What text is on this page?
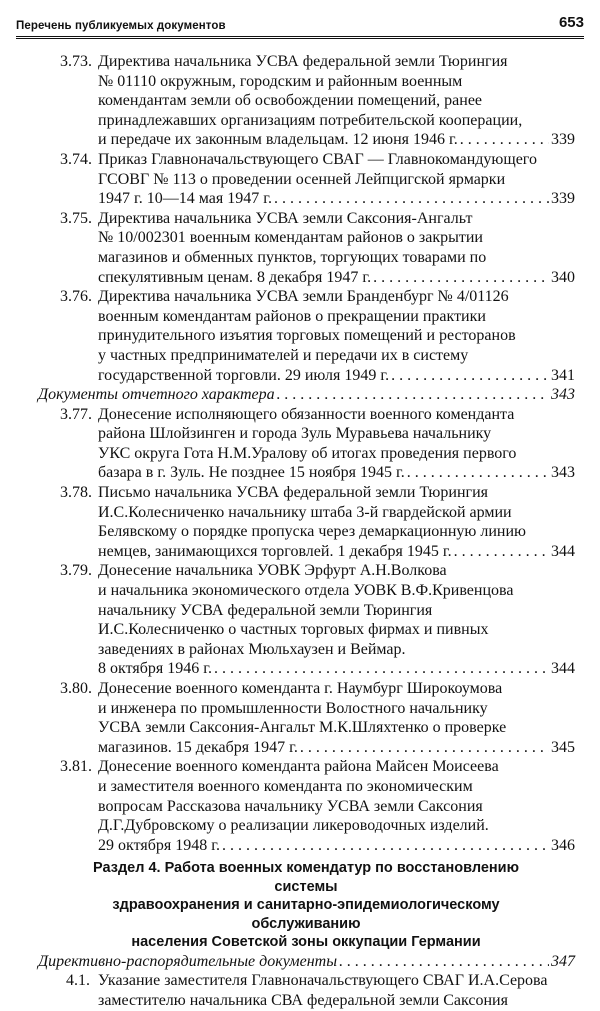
Перечень публикуемых документов	653
3.73. Директива начальника УСВА федеральной земли Тюрингия
№ 01110 окружным, городским и районным военным
комендантам земли об освобождении помещений, ранее
принадлежавших организациям потребительской кооперации,
и передаче их законным владельцам. 12 июня 1946 г. . . .	339
3.74. Приказ Главноначальствующего СВАГ — Главнокомандующего
ГСОВГ № 113 о проведении осенней Лейпцигской ярмарки
1947 г. 10—14 мая 1947 г. . . .	339
3.75. Директива начальника УСВА земли Саксония-Ангальт
№ 10/002301 военным комендантам районов о закрытии
магазинов и обменных пунктов, торгующих товарами по
спекулятивным ценам. 8 декабря 1947 г. . . .	340
3.76. Директива начальника УСВА земли Бранденбург № 4/01126
военным комендантам районов о прекращении практики
принудительного изъятия торговых помещений и ресторанов
у частных предпринимателей и передачи их в систему
государственной торговли. 29 июля 1949 г. . . .	341
Документы отчетного характера . . .	343
3.77. Донесение исполняющего обязанности военного коменданта
района Шлойзинген и города Зуль Муравьева начальнику
УКС округа Гота Н.М.Уралову об итогах проведения первого
базара в г. Зуль. Не позднее 15 ноября 1945 г. . . .	343
3.78. Письмо начальника УСВА федеральной земли Тюрингия
И.С.Колесниченко начальнику штаба 3-й гвардейской армии
Белявскому о порядке пропуска через демаркационную линию
немцев, занимающихся торговлей. 1 декабря 1945 г. . . .	344
3.79. Донесение начальника УОВК Эрфурт А.Н.Волкова
и начальника экономического отдела УОВК В.Ф.Кривенцова
начальнику УСВА федеральной земли Тюрингия
И.С.Колесниченко о частных торговых фирмах и пивных
заведениях в районах Мюльхаузен и Веймар.
8 октября 1946 г. . . .	344
3.80. Донесение военного коменданта г. Наумбург Широкоумова
и инженера по промышленности Волостного начальнику
УСВА земли Саксония-Ангальт М.К.Шляхтенко о проверке
магазинов. 15 декабря 1947 г. . . .	345
3.81. Донесение военного коменданта района Майсен Моисеева
и заместителя военного коменданта по экономическим
вопросам Рассказова начальнику УСВА земли Саксония
Д.Г.Дубровскому о реализации ликероводочных изделий.
29 октября 1948 г. . . .	346
Раздел 4. Работа военных комендатур по восстановлению системы
здравоохранения и санитарно-эпидемиологическому обслуживанию
населения Советской зоны оккупации Германии
Директивно-распорядительные документы . . .	347
4.1. Указание заместителя Главноначальствующего СВАГ И.А.Серова
заместителю начальника СВА федеральной земли Саксония
